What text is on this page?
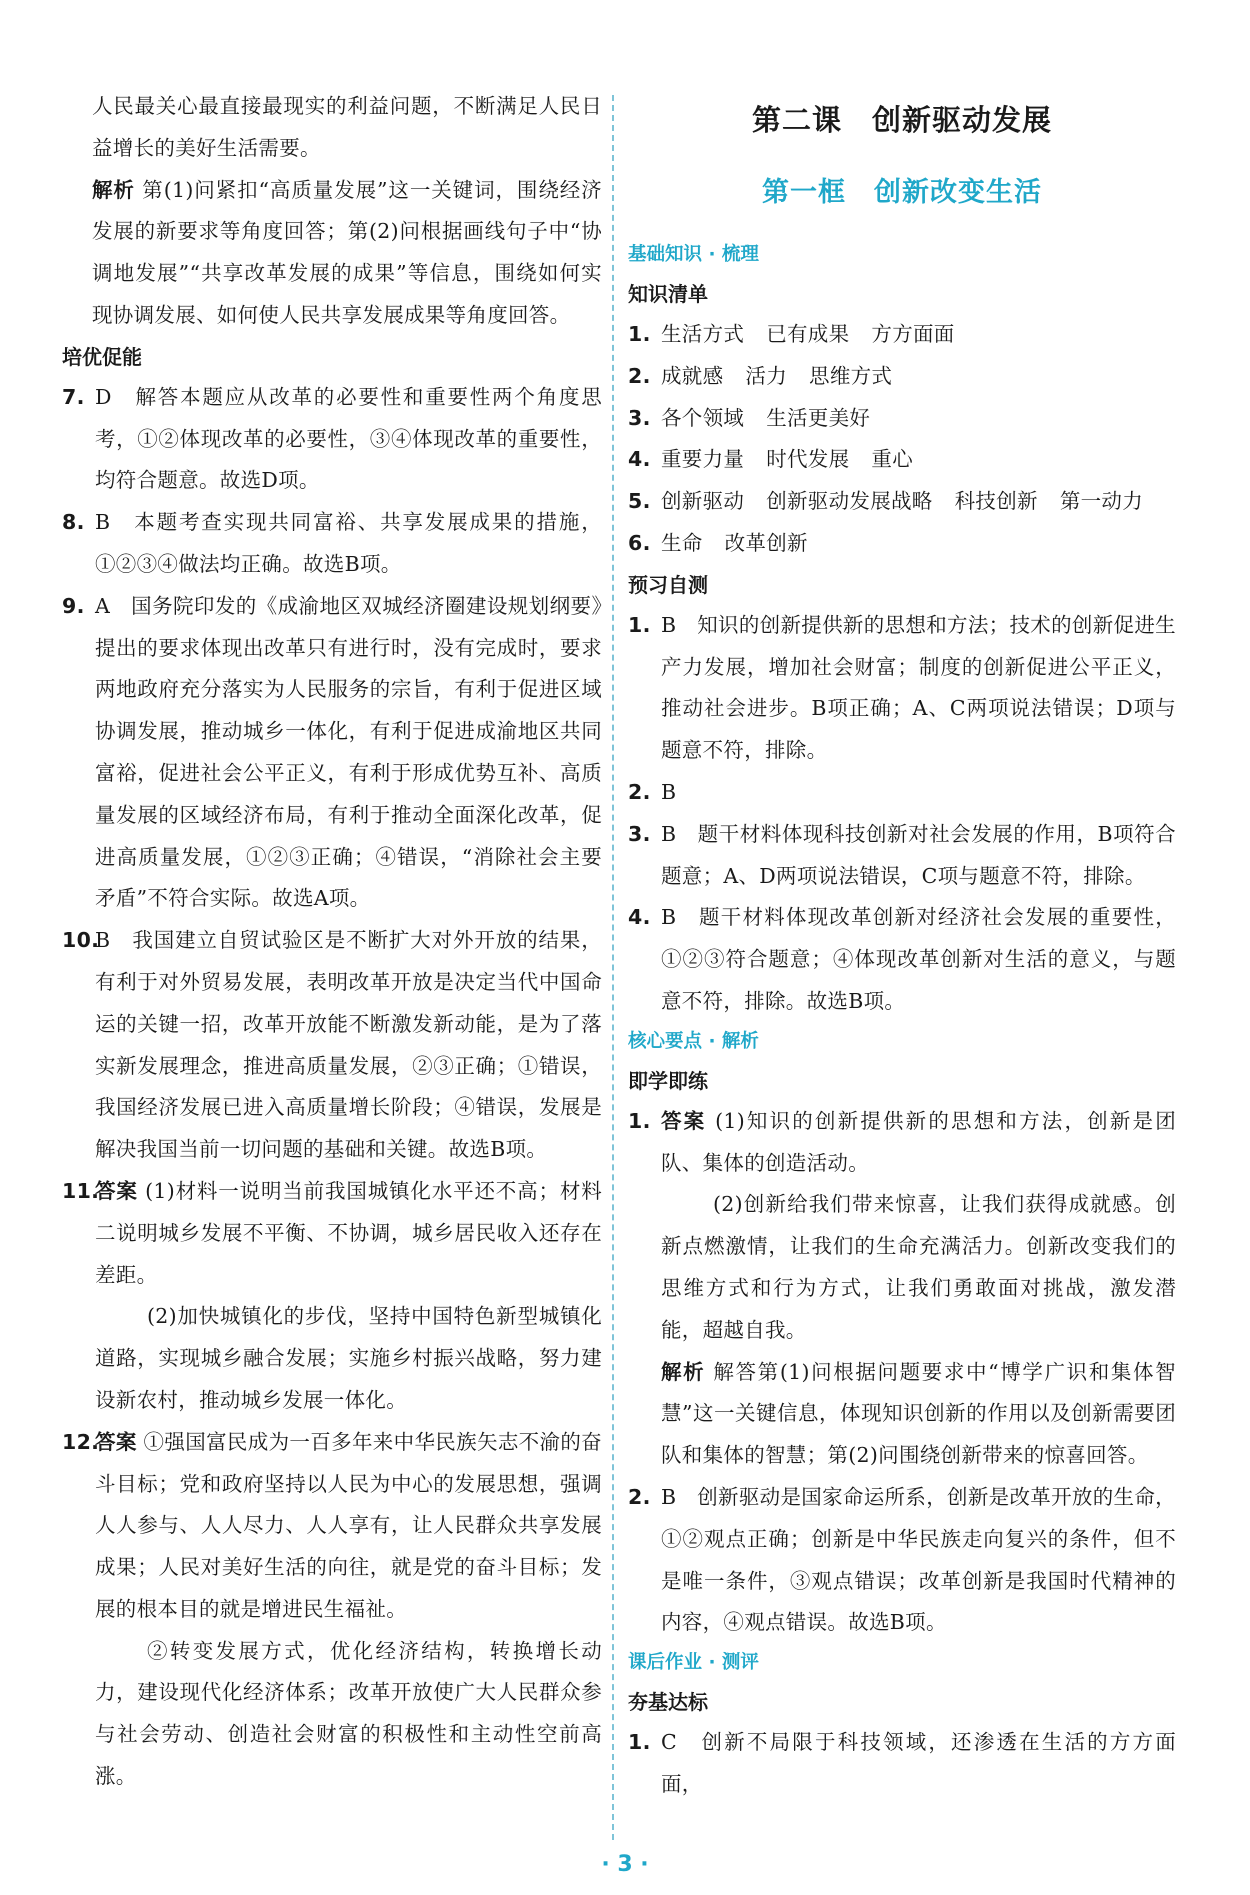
人民最关心最直接最现实的利益问题，不断满足人民日益增长的美好生活需要。

解析 第(1)问紧扣“高质量发展”这一关键词，围绕经济发展的新要求等角度回答；第(2)问根据画线句子中“协调地发展”“共享改革发展的成果”等信息，围绕如何实现协调发展、如何使人民共享发展成果等角度回答。

培优促能

7. D　解答本题应从改革的必要性和重要性两个角度思考，①②体现改革的必要性，③④体现改革的重要性，均符合题意。故选D项。

8. B　本题考查实现共同富裕、共享发展成果的措施，①②③④做法均正确。故选B项。

9. A　国务院印发的《成渝地区双城经济圈建设规划纲要》提出的要求体现出改革只有进行时，没有完成时，要求两地政府充分落实为人民服务的宗旨，有利于促进区域协调发展，推动城乡一体化，有利于促进成渝地区共同富裕，促进社会公平正义，有利于形成优势互补、高质量发展的区域经济布局，有利于推动全面深化改革，促进高质量发展，①②③正确；④错误，“消除社会主要矛盾”不符合实际。故选A项。

10.
B　我国建立自贸试验区是不断扩大对外开放的结果，有利于对外贸易发展，表明改革开放是决定当代中国命运的关键一招，改革开放能不断激发新动能，是为了落实新发展理念，推进高质量发展，②③正确；①错误，我国经济发展已进入高质量增长阶段；④错误，发展是解决我国当前一切问题的基础和关键。故选B项。

11.
答案 (1)材料一说明当前我国城镇化水平还不高；材料二说明城乡发展不平衡、不协调，城乡居民收入还存在差距。

(2)加快城镇化的步伐，坚持中国特色新型城镇化道路，实现城乡融合发展；实施乡村振兴战略，努力建设新农村，推动城乡发展一体化。

12.
答案 ①强国富民成为一百多年来中华民族矢志不渝的奋斗目标；党和政府坚持以人民为中心的发展思想，强调人人参与、人人尽力、人人享有，让人民群众共享发展成果；人民对美好生活的向往，就是党的奋斗目标；发展的根本目的就是增进民生福祉。

②转变发展方式，优化经济结构，转换增长动力，建设现代化经济体系；改革开放使广大人民群众参与社会劳动、创造社会财富的积极性和主动性空前高涨。

第二课　创新驱动发展

第一框　创新改变生活

基础知识 · 梳理

知识清单

1. 生活方式 已有成果 方方面面

2. 成就感 活力 思维方式

3. 各个领域 生活更美好

4. 重要力量 时代发展 重心

5. 创新驱动 创新驱动发展战略 科技创新 第一动力

6. 生命 改革创新

预习自测

1. B　知识的创新提供新的思想和方法；技术的创新促进生产力发展，增加社会财富；制度的创新促进公平正义，推动社会进步。B项正确；A、C两项说法错误；D项与题意不符，排除。

2. B

3. B　题干材料体现科技创新对社会发展的作用，B项符合题意；A、D两项说法错误，C项与题意不符，排除。

4. B　题干材料体现改革创新对经济社会发展的重要性，①②③符合题意；④体现改革创新对生活的意义，与题意不符，排除。故选B项。

核心要点 · 解析

即学即练

1. 答案 (1)知识的创新提供新的思想和方法，创新是团队、集体的创造活动。

(2)创新给我们带来惊喜，让我们获得成就感。创新点燃激情，让我们的生命充满活力。创新改变我们的思维方式和行为方式，让我们勇敢面对挑战，激发潜能，超越自我。

解析 解答第(1)问根据问题要求中“博学广识和集体智慧”这一关键信息，体现知识创新的作用以及创新需要团队和集体的智慧；第(2)问围绕创新带来的惊喜回答。

2. B　创新驱动是国家命运所系，创新是改革开放的生命，①②观点正确；创新是中华民族走向复兴的条件，但不是唯一条件，③观点错误；改革创新是我国时代精神的内容，④观点错误。故选B项。

课后作业 · 测评

夯基达标

1. C　创新不局限于科技领域，还渗透在生活的方方面面，

· 3 ·
